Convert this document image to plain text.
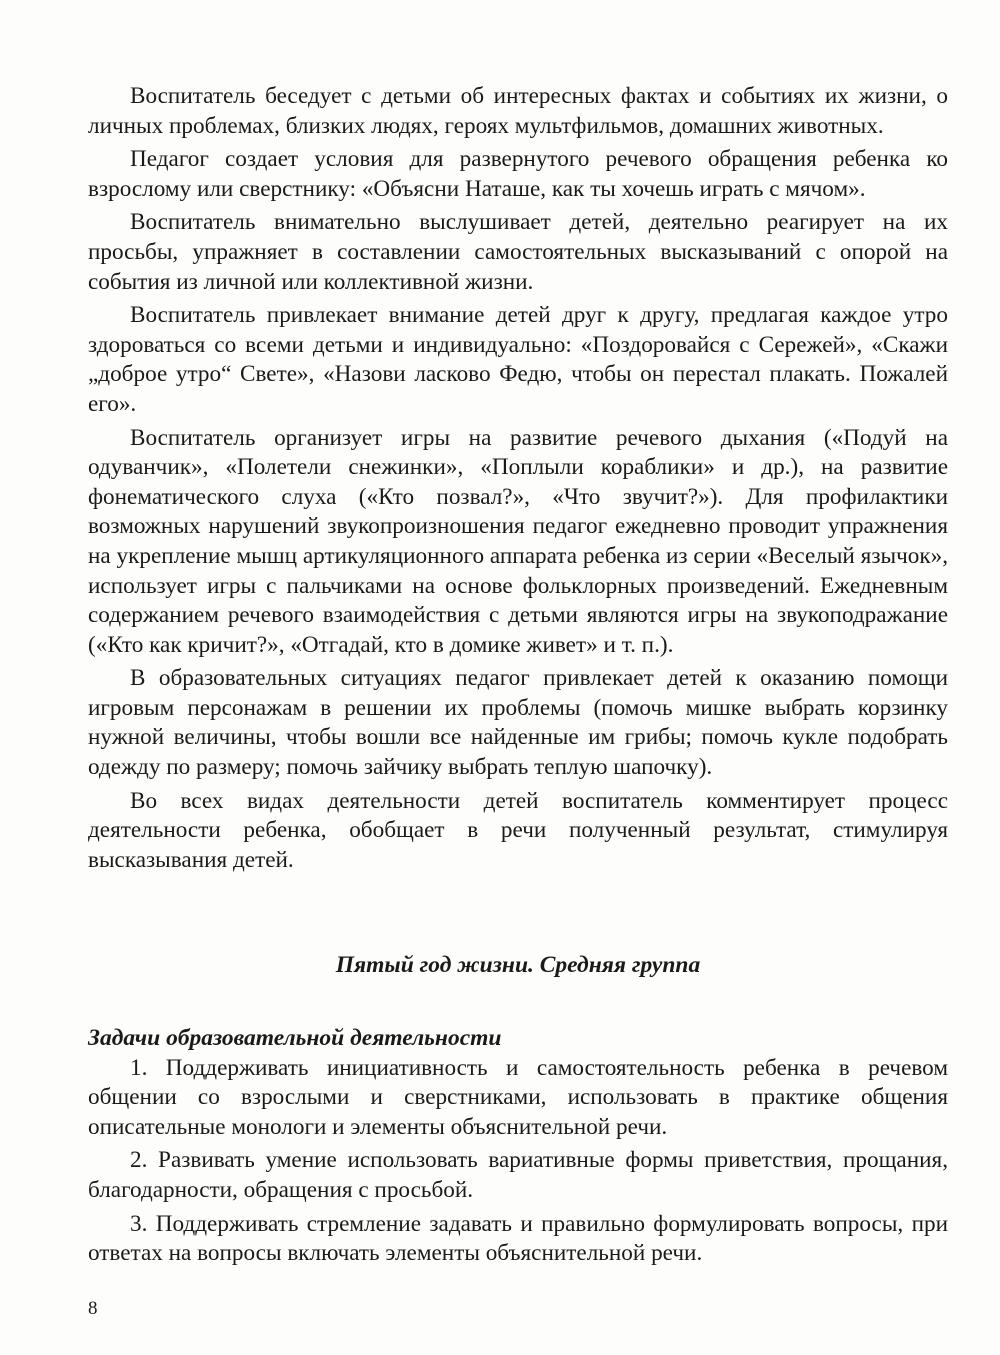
Воспитатель беседует с детьми об интересных фактах и событиях их жизни, о личных проблемах, близких людях, героях мультфильмов, домашних животных.

Педагог создает условия для развернутого речевого обращения ребенка ко взрослому или сверстнику: «Объясни Наташе, как ты хочешь играть с мячом».

Воспитатель внимательно выслушивает детей, деятельно реагирует на их просьбы, упражняет в составлении самостоятельных высказываний с опорой на события из личной или коллективной жизни.

Воспитатель привлекает внимание детей друг к другу, предлагая каждое утро здороваться со всеми детьми и индивидуально: «Поздоровайся с Сережей», «Скажи „доброе утро“ Свете», «Назови ласково Федю, чтобы он перестал плакать. Пожалей его».

Воспитатель организует игры на развитие речевого дыхания («Подуй на одуванчик», «Полетели снежинки», «Поплыли кораблики» и др.), на развитие фонематического слуха («Кто позвал?», «Что звучит?»). Для профилактики возможных нарушений звукопроизношения педагог ежедневно проводит упражнения на укрепление мышц артикуляционного аппарата ребенка из серии «Веселый язычок», использует игры с пальчиками на основе фольклорных произведений. Ежедневным содержанием речевого взаимодействия с детьми являются игры на звукоподражание («Кто как кричит?», «Отгадай, кто в домике живет» и т. п.).

В образовательных ситуациях педагог привлекает детей к оказанию помощи игровым персонажам в решении их проблемы (помочь мишке выбрать корзинку нужной величины, чтобы вошли все найденные им грибы; помочь кукле подобрать одежду по размеру; помочь зайчику выбрать теплую шапочку).

Во всех видах деятельности детей воспитатель комментирует процесс деятельности ребенка, обобщает в речи полученный результат, стимулируя высказывания детей.

Пятый год жизни. Средняя группа
Задачи образовательной деятельности

1. Поддерживать инициативность и самостоятельность ребенка в речевом общении со взрослыми и сверстниками, использовать в практике общения описательные монологи и элементы объяснительной речи.

2. Развивать умение использовать вариативные формы приветствия, прощания, благодарности, обращения с просьбой.

3. Поддерживать стремление задавать и правильно формулировать вопросы, при ответах на вопросы включать элементы объяснительной речи.

8
